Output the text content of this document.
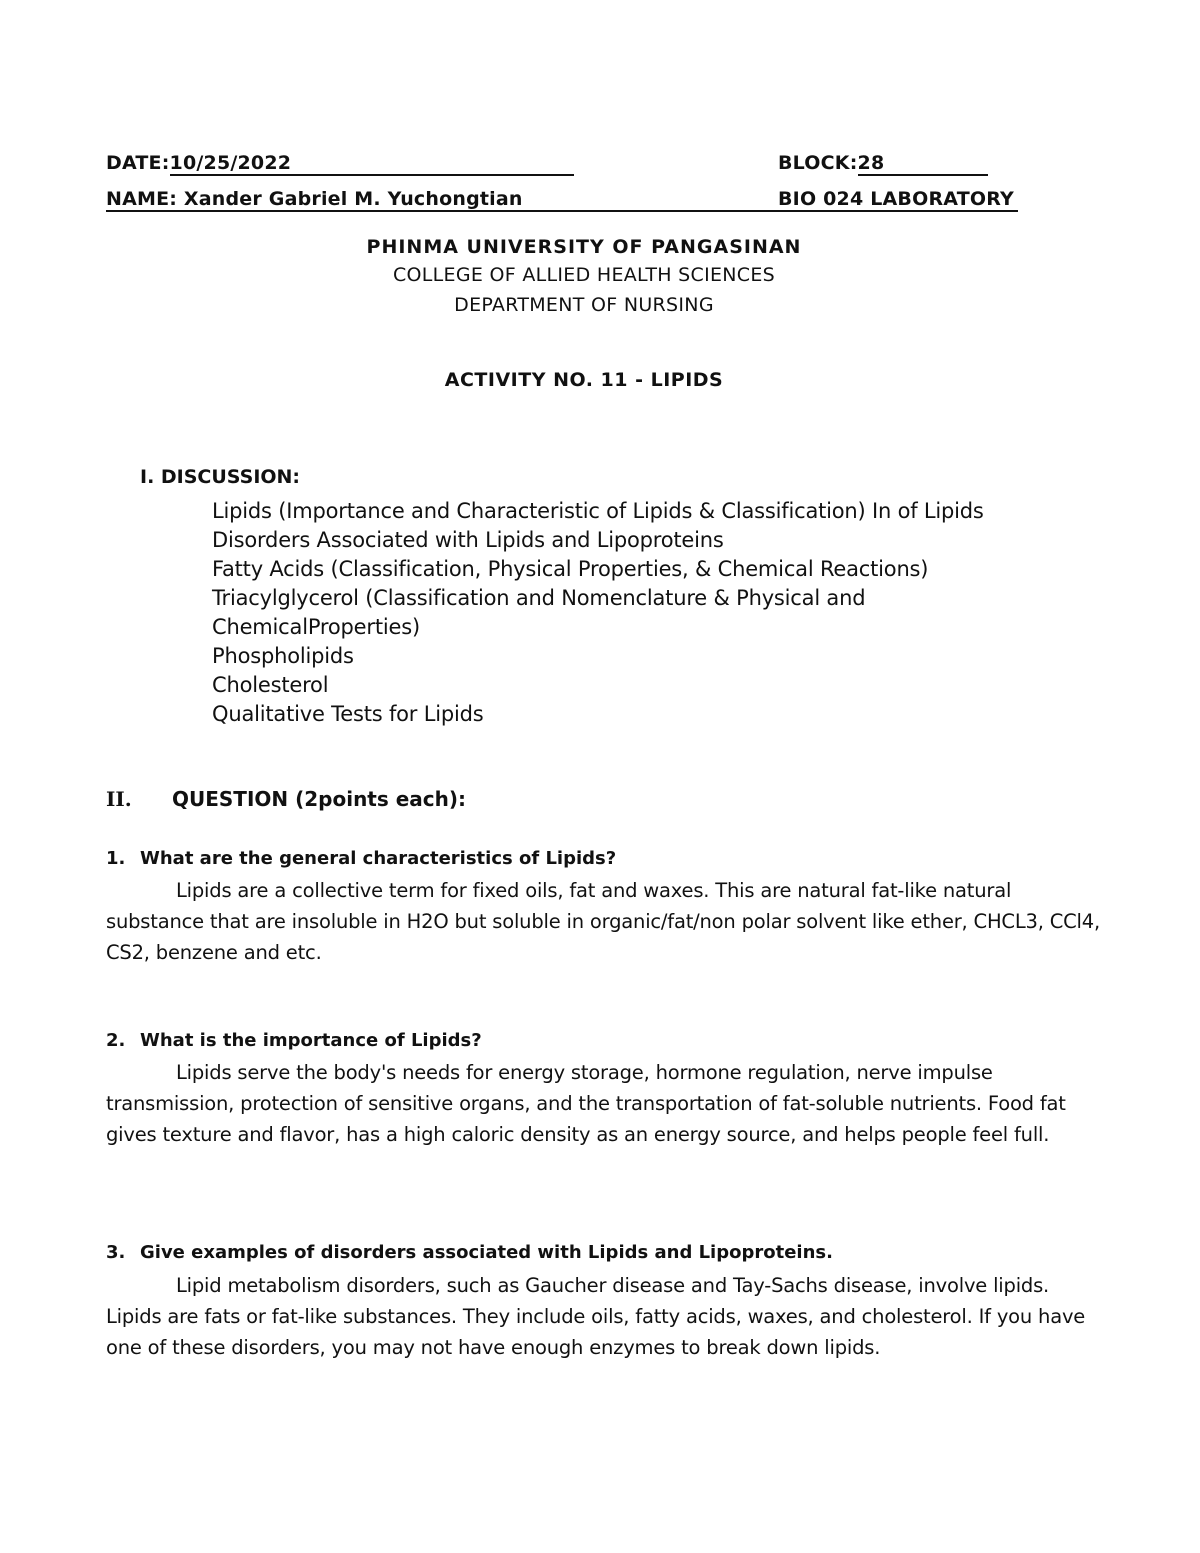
DATE:10/25/2022	BLOCK:28
NAME: Xander Gabriel M. Yuchongtian	BIO 024 LABORATORY
PHINMA UNIVERSITY OF PANGASINAN
COLLEGE OF ALLIED HEALTH SCIENCES
DEPARTMENT OF NURSING
ACTIVITY NO. 11 - LIPIDS
I. DISCUSSION:
Lipids (Importance and Characteristic of Lipids & Classification) In of Lipids
Disorders Associated with Lipids and Lipoproteins
Fatty Acids (Classification, Physical Properties, & Chemical Reactions)
Triacylglycerol (Classification and Nomenclature & Physical and
ChemicalProperties)
Phospholipids
Cholesterol
Qualitative Tests for Lipids
II. QUESTION (2points each):
1. What are the general characteristics of Lipids?
Lipids are a collective term for fixed oils, fat and waxes. This are natural fat-like natural substance that are insoluble in H2O but soluble in organic/fat/non polar solvent like ether, CHCL3, CCl4, CS2, benzene and etc.
2. What is the importance of Lipids?
Lipids serve the body's needs for energy storage, hormone regulation, nerve impulse transmission, protection of sensitive organs, and the transportation of fat-soluble nutrients. Food fat gives texture and flavor, has a high caloric density as an energy source, and helps people feel full.
3. Give examples of disorders associated with Lipids and Lipoproteins.
Lipid metabolism disorders, such as Gaucher disease and Tay-Sachs disease, involve lipids. Lipids are fats or fat-like substances. They include oils, fatty acids, waxes, and cholesterol. If you have one of these disorders, you may not have enough enzymes to break down lipids.
